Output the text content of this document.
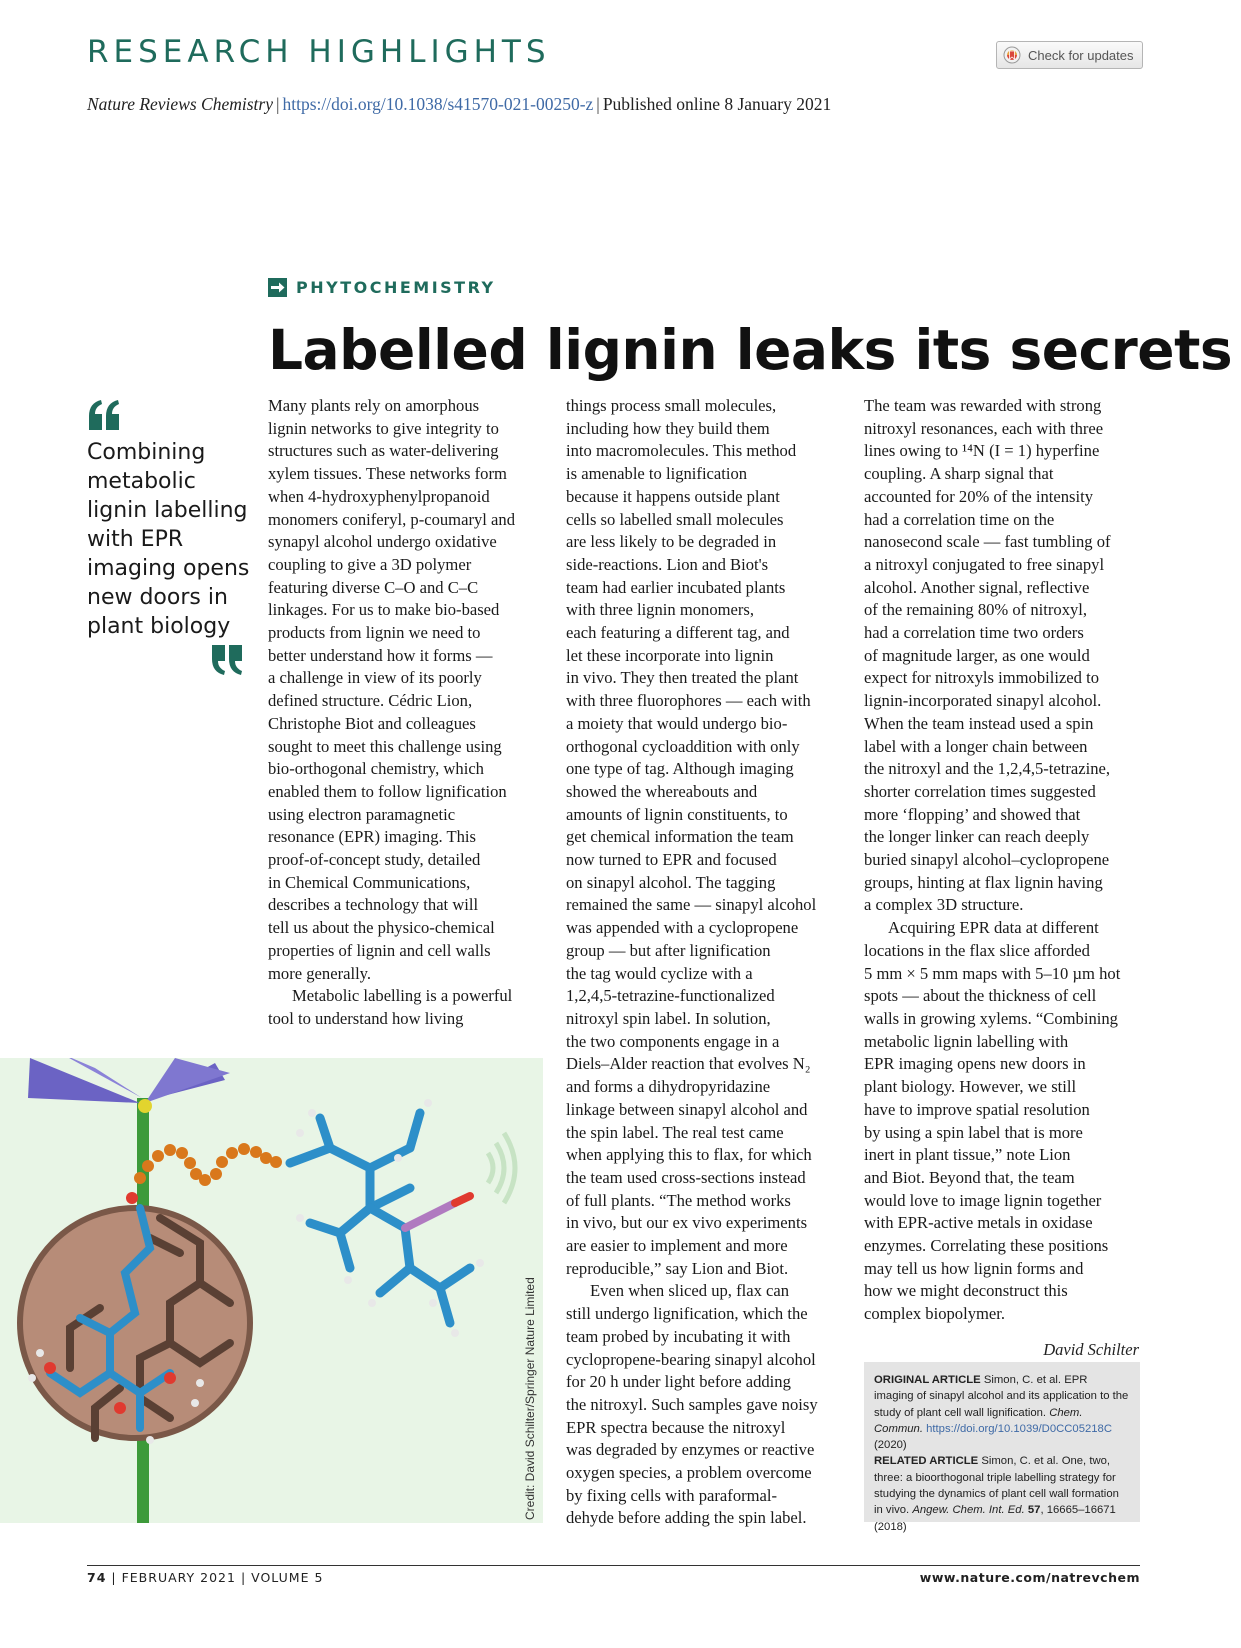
RESEARCH HIGHLIGHTS	Check for updates
Nature Reviews Chemistry | https://doi.org/10.1038/s41570-021-00250-z | Published online 8 January 2021
PHYTOCHEMISTRY
Labelled lignin leaks its secrets
Combining
metabolic
lignin labelling
with EPR
imaging opens
new doors in
plant biology
Many plants rely on amorphous
lignin networks to give integrity to
structures such as water-delivering
xylem tissues. These networks form
when 4-hydroxyphenylpropanoid
monomers coniferyl, p-coumaryl and
synapyl alcohol undergo oxidative
coupling to give a 3D polymer
featuring diverse C–O and C–C
linkages. For us to make bio-based
products from lignin we need to
better understand how it forms —
a challenge in view of its poorly
defined structure. Cédric Lion,
Christophe Biot and colleagues
sought to meet this challenge using
bio-orthogonal chemistry, which
enabled them to follow lignification
using electron paramagnetic
resonance (EPR) imaging. This
proof-of-concept study, detailed
in Chemical Communications,
describes a technology that will
tell us about the physico-chemical
properties of lignin and cell walls
more generally.
Metabolic labelling is a powerful
tool to understand how living
things process small molecules,
including how they build them
into macromolecules. This method
is amenable to lignification
because it happens outside plant
cells so labelled small molecules
are less likely to be degraded in
side-reactions. Lion and Biot's
team had earlier incubated plants
with three lignin monomers,
each featuring a different tag, and
let these incorporate into lignin
in vivo. They then treated the plant
with three fluorophores — each with
a moiety that would undergo bio-
orthogonal cycloaddition with only
one type of tag. Although imaging
showed the whereabouts and
amounts of lignin constituents, to
get chemical information the team
now turned to EPR and focused
on sinapyl alcohol. The tagging
remained the same — sinapyl alcohol
was appended with a cyclopropene
group — but after lignification
the tag would cyclize with a
1,2,4,5-tetrazine-functionalized
nitroxyl spin label. In solution,
the two components engage in a
Diels–Alder reaction that evolves N₂
and forms a dihydropyridazine
linkage between sinapyl alcohol and
the spin label. The real test came
when applying this to flax, for which
the team used cross-sections instead
of full plants. “The method works
in vivo, but our ex vivo experiments
are easier to implement and more
reproducible,” say Lion and Biot.
Even when sliced up, flax can
still undergo lignification, which the
team probed by incubating it with
cyclopropene-bearing sinapyl alcohol
for 20 h under light before adding
the nitroxyl. Such samples gave noisy
EPR spectra because the nitroxyl
was degraded by enzymes or reactive
oxygen species, a problem overcome
by fixing cells with paraformal-
dehyde before adding the spin label.
The team was rewarded with strong
nitroxyl resonances, each with three
lines owing to ¹⁴N (I = 1) hyperfine
coupling. A sharp signal that
accounted for 20% of the intensity
had a correlation time on the
nanosecond scale — fast tumbling of
a nitroxyl conjugated to free sinapyl
alcohol. Another signal, reflective
of the remaining 80% of nitroxyl,
had a correlation time two orders
of magnitude larger, as one would
expect for nitroxyls immobilized to
lignin-incorporated sinapyl alcohol.
When the team instead used a spin
label with a longer chain between
the nitroxyl and the 1,2,4,5-tetrazine,
shorter correlation times suggested
more ‘flopping’ and showed that
the longer linker can reach deeply
buried sinapyl alcohol–cyclopropene
groups, hinting at flax lignin having
a complex 3D structure.
Acquiring EPR data at different
locations in the flax slice afforded
5 mm × 5 mm maps with 5–10 µm hot
spots — about the thickness of cell
walls in growing xylems. “Combining
metabolic lignin labelling with
EPR imaging opens new doors in
plant biology. However, we still
have to improve spatial resolution
by using a spin label that is more
inert in plant tissue,” note Lion
and Biot. Beyond that, the team
would love to image lignin together
with EPR-active metals in oxidase
enzymes. Correlating these positions
may tell us how lignin forms and
how we might deconstruct this
complex biopolymer.
Credit: David Schilter/Springer Nature Limited	David Schilter
ORIGINAL ARTICLE Simon, C. et al. EPR imaging of sinapyl alcohol and its application to the study of plant cell wall lignification. Chem. Commun. https://doi.org/10.1039/D0CC05218C (2020)
RELATED ARTICLE Simon, C. et al. One, two, three: a bioorthogonal triple labelling strategy for studying the dynamics of plant cell wall formation in vivo. Angew. Chem. Int. Ed. 57, 16665–16671 (2018)
74 | FEBRUARY 2021 | VOLUME 5	www.nature.com/natrevchem
